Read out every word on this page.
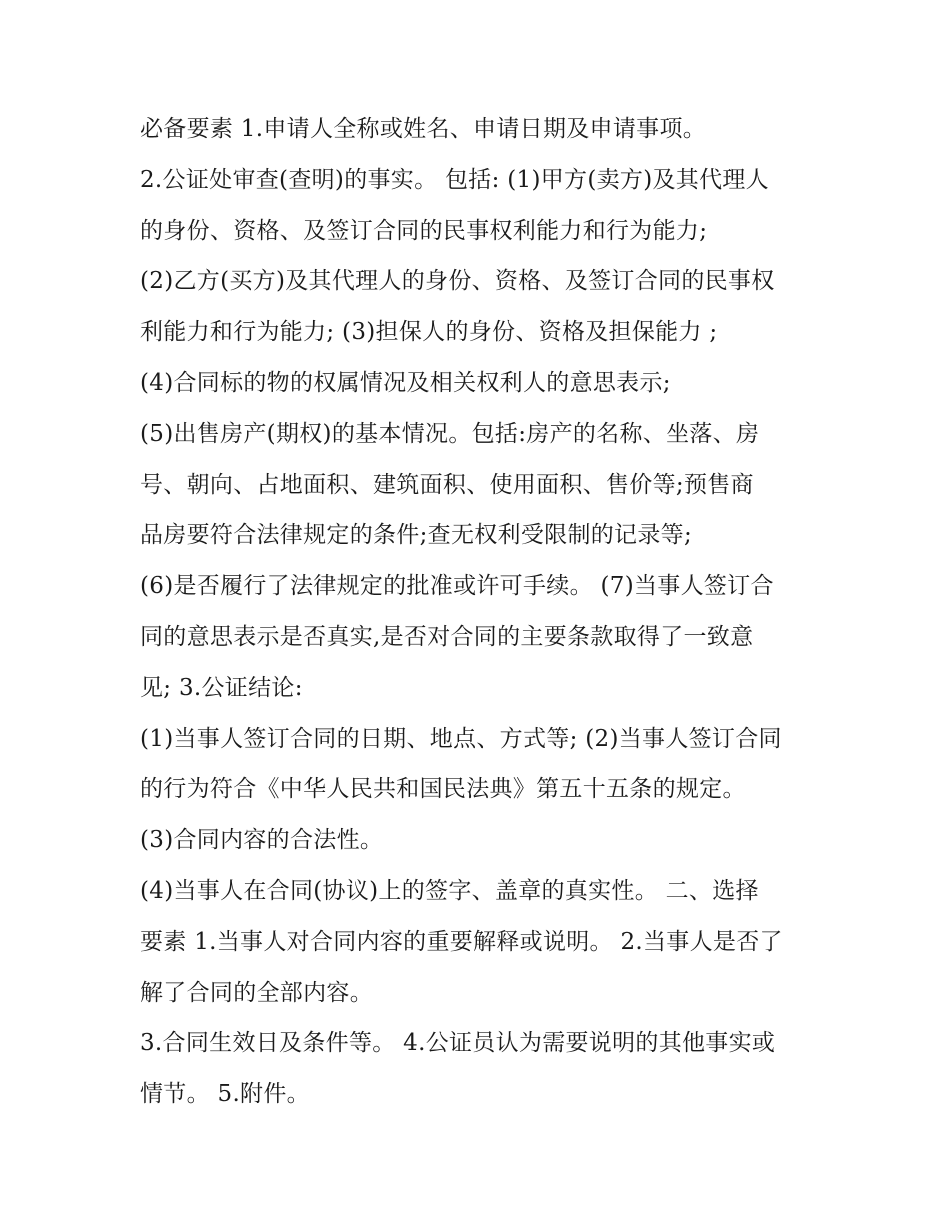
必备要素 1.申请人全称或姓名、申请日期及申请事项。
2.公证处审查(查明)的事实。 包括: (1)甲方(卖方)及其代理人
的身份、资格、及签订合同的民事权利能力和行为能力;
(2)乙方(买方)及其代理人的身份、资格、及签订合同的民事权
利能力和行为能力; (3)担保人的身份、资格及担保能力 ;
(4)合同标的物的权属情况及相关权利人的意思表示;
(5)出售房产(期权)的基本情况。包括:房产的名称、坐落、房
号、朝向、占地面积、建筑面积、使用面积、售价等;预售商
品房要符合法律规定的条件;查无权利受限制的记录等;
(6)是否履行了法律规定的批准或许可手续。 (7)当事人签订合
同的意思表示是否真实,是否对合同的主要条款取得了一致意
见; 3.公证结论:
(1)当事人签订合同的日期、地点、方式等; (2)当事人签订合同
的行为符合《中华人民共和国民法典》第五十五条的规定。
(3)合同内容的合法性。
(4)当事人在合同(协议)上的签字、盖章的真实性。 二、选择
要素 1.当事人对合同内容的重要解释或说明。 2.当事人是否了
解了合同的全部内容。
3.合同生效日及条件等。 4.公证员认为需要说明的其他事实或
情节。 5.附件。
